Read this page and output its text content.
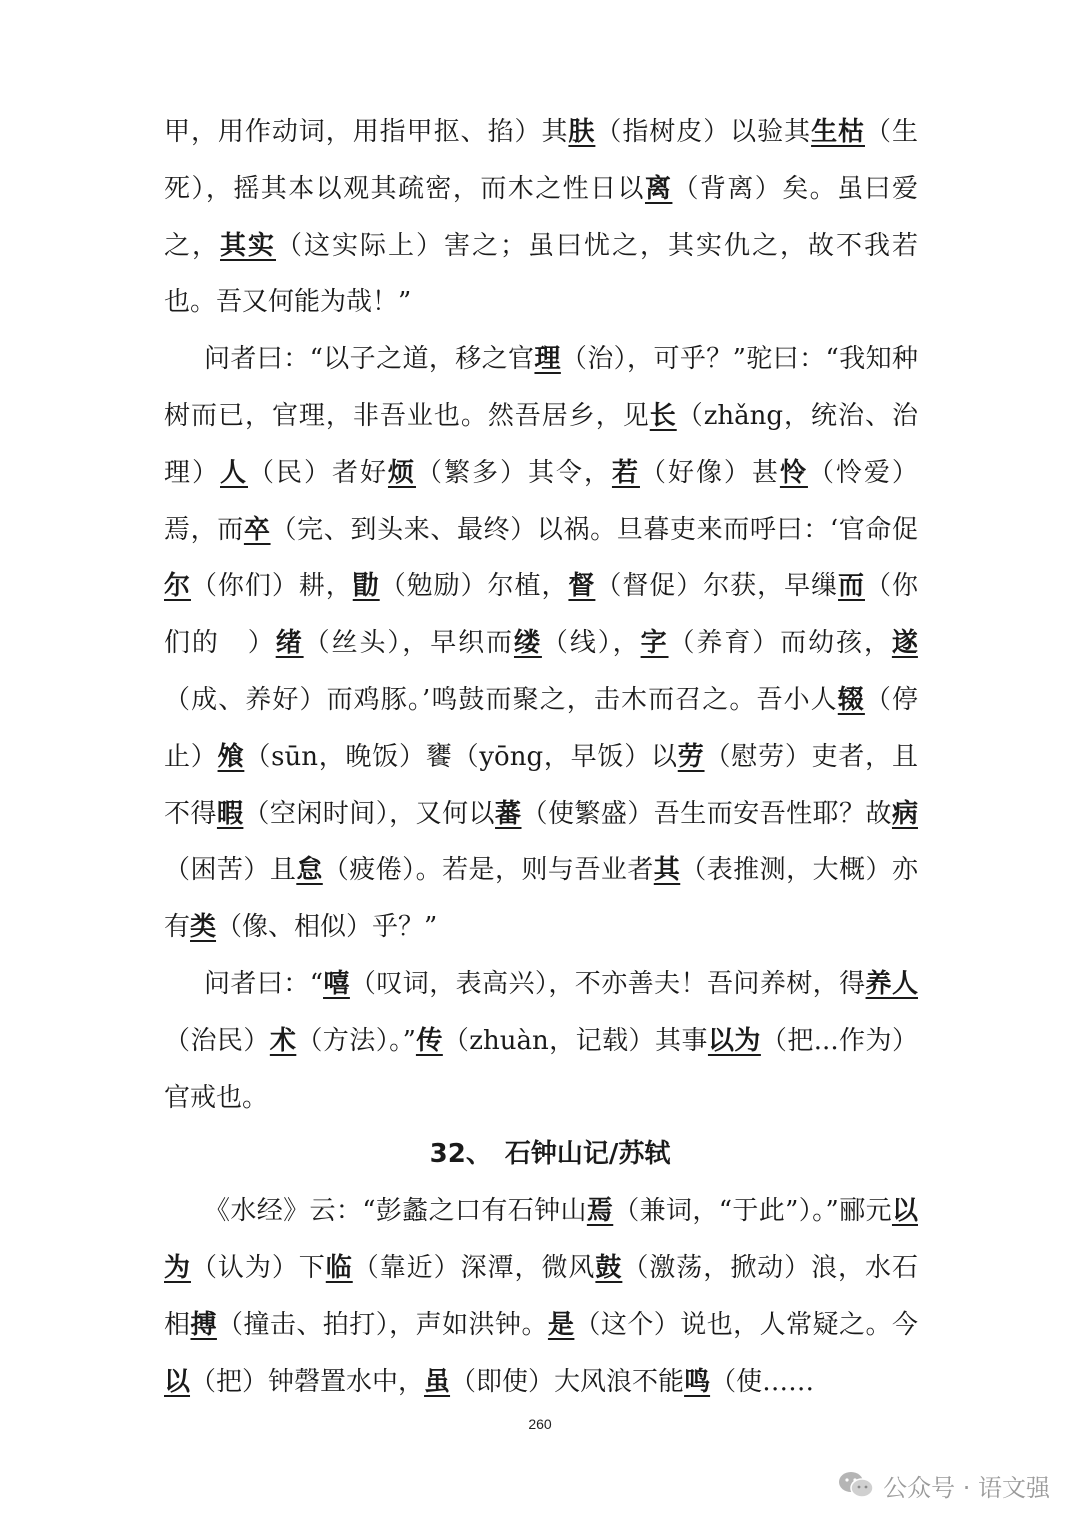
甲，用作动词，用指甲抠、掐）其肤（指树皮）以验其生枯（生死），摇其本以观其疏密，而木之性日以离（背离）矣。虽曰爱之，其实（这实际上）害之；虽曰忧之，其实仇之，故不我若也。吾又何能为哉！”

问者曰：“以子之道，移之官理（治），可乎？”驼曰：“我知种树而已，官理，非吾业也。然吾居乡，见长（zhǎng，统治、治理）人（民）者好烦（繁多）其令，若（好像）甚怜（怜爱）焉，而卒（完、到头来、最终）以祸。旦暮吏来而呼曰：‘官命促尔（你们）耕，勖（勉励）尔植，督（督促）尔获，早缫而（你们的　）绪（丝头），早织而缕（线），字（养育）而幼孩，遂（成、养好）而鸡豚。’鸣鼓而聚之，击木而召之。吾小人辍（停止）飧（sūn，晚饭）饔（yōng，早饭）以劳（慰劳）吏者，且不得暇（空闲时间），又何以蕃（使繁盛）吾生而安吾性耶？故病（困苦）且怠（疲倦）。若是，则与吾业者其（表推测，大概）亦有类（像、相似）乎？”

问者曰：“嘻（叹词，表高兴），不亦善夫！吾问养树，得养人（治民）术（方法）。”传（zhuàn，记载）其事以为（把...作为）官戒也。

32、　石钟山记/苏轼

《水经》云：“彭蠡之口有石钟山焉（兼词，“于此”）。”郦元以为（认为）下临（靠近）深潭，微风鼓（激荡，掀动）浪，水石相搏（撞击、拍打），声如洪钟。是（这个）说也，人常疑之。今以（把）钟磬置水中，虽（即使）大风浪不能鸣（使……

260
公众号 · 语文强
